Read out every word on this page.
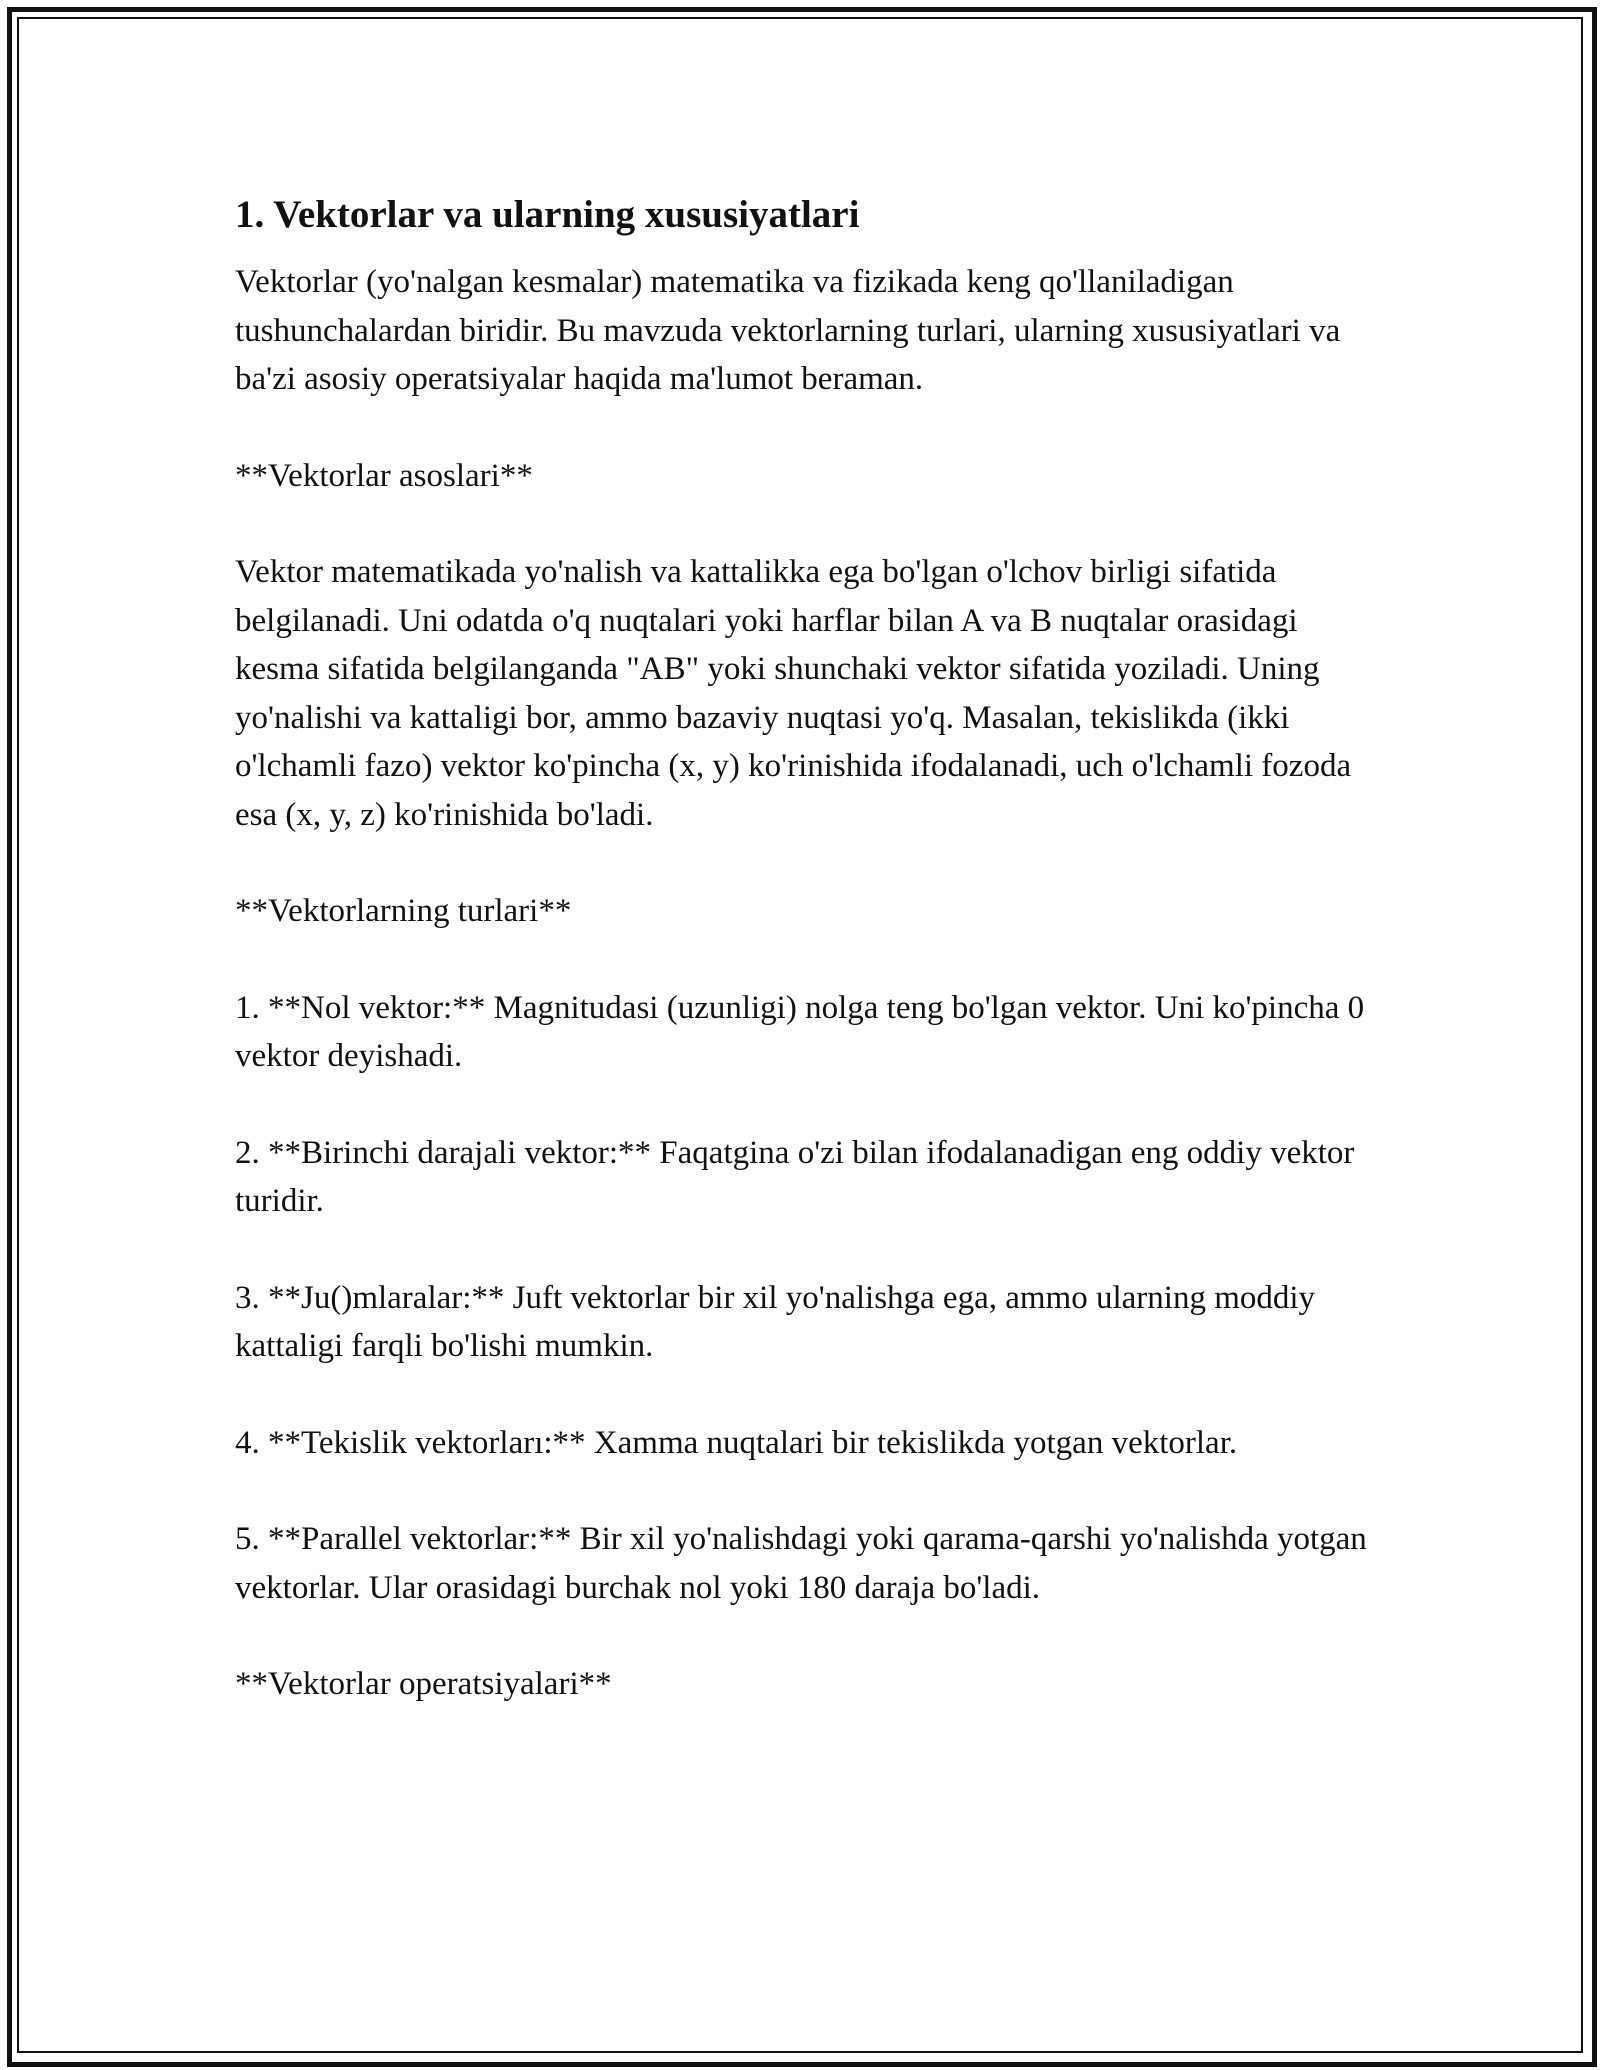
1. Vektorlar va ularning xususiyatlari

Vektorlar (yo'nalgan kesmalar) matematika va fizikada keng qo'llaniladigan tushunchalardan biridir. Bu mavzuda vektorlarning turlari, ularning xususiyatlari va ba'zi asosiy operatsiyalar haqida ma'lumot beraman.

**Vektorlar asoslari**

Vektor matematikada yo'nalish va kattalikka ega bo'lgan o'lchov birligi sifatida belgilanadi. Uni odatda o'q nuqtalari yoki harflar bilan A va B nuqtalar orasidagi kesma sifatida belgilanganda "AB" yoki shunchaki vektor sifatida yoziladi. Uning yo'nalishi va kattaligi bor, ammo bazaviy nuqtasi yo'q. Masalan, tekislikda (ikki o'lchamli fazo) vektor ko'pincha (x, y) ko'rinishida ifodalanadi, uch o'lchamli fozoda esa (x, y, z) ko'rinishida bo'ladi.

**Vektorlarning turlari**

1. **Nol vektor:** Magnitudasi (uzunligi) nolga teng bo'lgan vektor. Uni ko'pincha 0 vektor deyishadi.

2. **Birinchi darajali vektor:** Faqatgina o'zi bilan ifodalanadigan eng oddiy vektor turidir.

3. **Ju()mlaralar:** Juft vektorlar bir xil yo'nalishga ega, ammo ularning moddiy kattaligi farqli bo'lishi mumkin.

4. **Tekislik vektorları:** Xamma nuqtalari bir tekislikda yotgan vektorlar.

5. **Parallel vektorlar:** Bir xil yo'nalishdagi yoki qarama-qarshi yo'nalishda yotgan vektorlar. Ular orasidagi burchak nol yoki 180 daraja bo'ladi.

**Vektorlar operatsiyalari**
